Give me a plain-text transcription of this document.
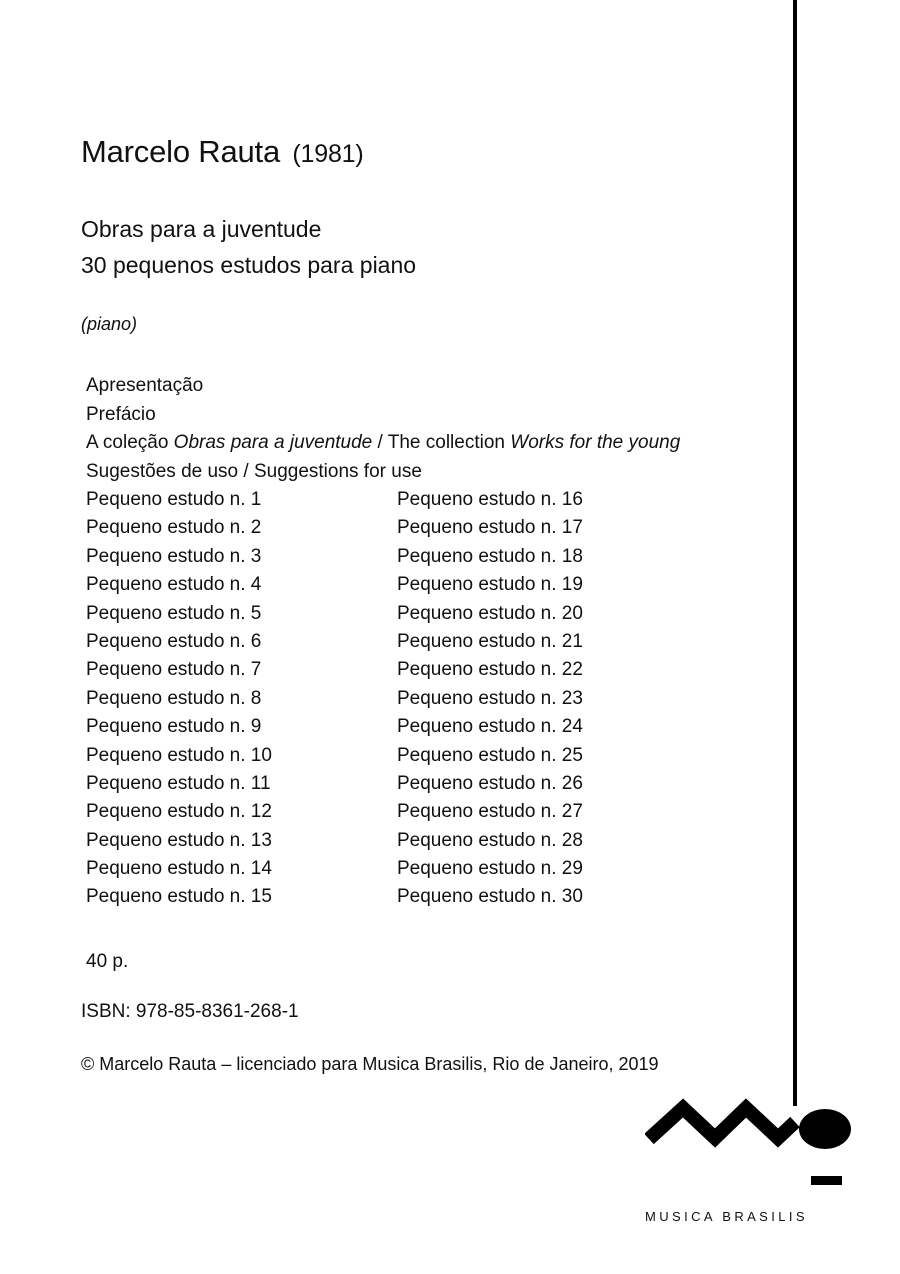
Marcelo Rauta (1981)
Obras para a juventude
30 pequenos estudos para piano
(piano)
Apresentação
Prefácio
A coleção Obras para a juventude / The collection Works for the young
Sugestões de uso / Suggestions for use
Pequeno estudo n. 1
Pequeno estudo n. 2
Pequeno estudo n. 3
Pequeno estudo n. 4
Pequeno estudo n. 5
Pequeno estudo n. 6
Pequeno estudo n. 7
Pequeno estudo n. 8
Pequeno estudo n. 9
Pequeno estudo n. 10
Pequeno estudo n. 11
Pequeno estudo n. 12
Pequeno estudo n. 13
Pequeno estudo n. 14
Pequeno estudo n. 15
Pequeno estudo n. 16
Pequeno estudo n. 17
Pequeno estudo n. 18
Pequeno estudo n. 19
Pequeno estudo n. 20
Pequeno estudo n. 21
Pequeno estudo n. 22
Pequeno estudo n. 23
Pequeno estudo n. 24
Pequeno estudo n. 25
Pequeno estudo n. 26
Pequeno estudo n. 27
Pequeno estudo n. 28
Pequeno estudo n. 29
Pequeno estudo n. 30
40 p.
ISBN: 978-85-8361-268-1
© Marcelo Rauta – licenciado para Musica Brasilis, Rio de Janeiro, 2019
MUSICA BRASILIS
